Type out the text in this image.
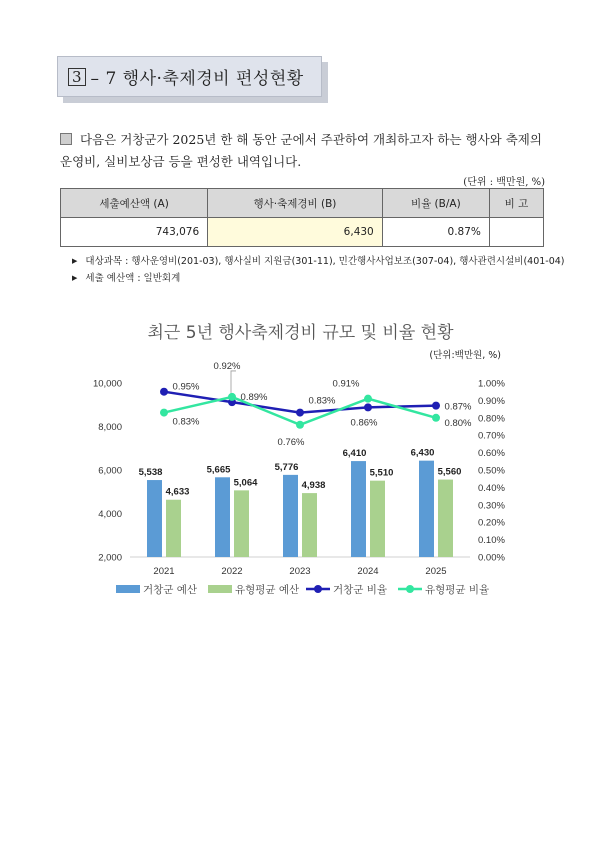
3 – 7 행사·축제경비 편성현황
다음은 거창군가 2025년 한 해 동안 군에서 주관하여 개최하고자 하는 행사와 축제의 운영비, 실비보상금 등을 편성한 내역입니다.
(단위 : 백만원, %)
세출예산액 (A)	행사·축제경비 (B)	비율 (B/A)	비 고
743,076	6,430	0.87%	
▶ 대상과목 : 행사운영비(201-03), 행사실비 지원금(301-11), 민간행사사업보조(307-04), 행사관련시설비(401-04)
▶ 세출 예산액 : 일반회계
최근 5년 행사축제경비 규모 및 비율 현황
(단위:백만원, %)
2,000
4,000
6,000
8,000
10,000
0.00%
0.10%
0.20%
0.30%
0.40%
0.50%
0.60%
0.70%
0.80%
0.90%
1.00%
5,538	5,665	5,776
6,410	6,430
4,633
5,064	4,938
5,510	5,560
2021	2022	2023	2024	2025
0.95%
0.89%	0.83%
0.86%
0.87%
0.83%
0.92%
0.76%
0.91%
0.80%
거창군 예산	유형평균 예산	거창군 비율	유형평균 비율
